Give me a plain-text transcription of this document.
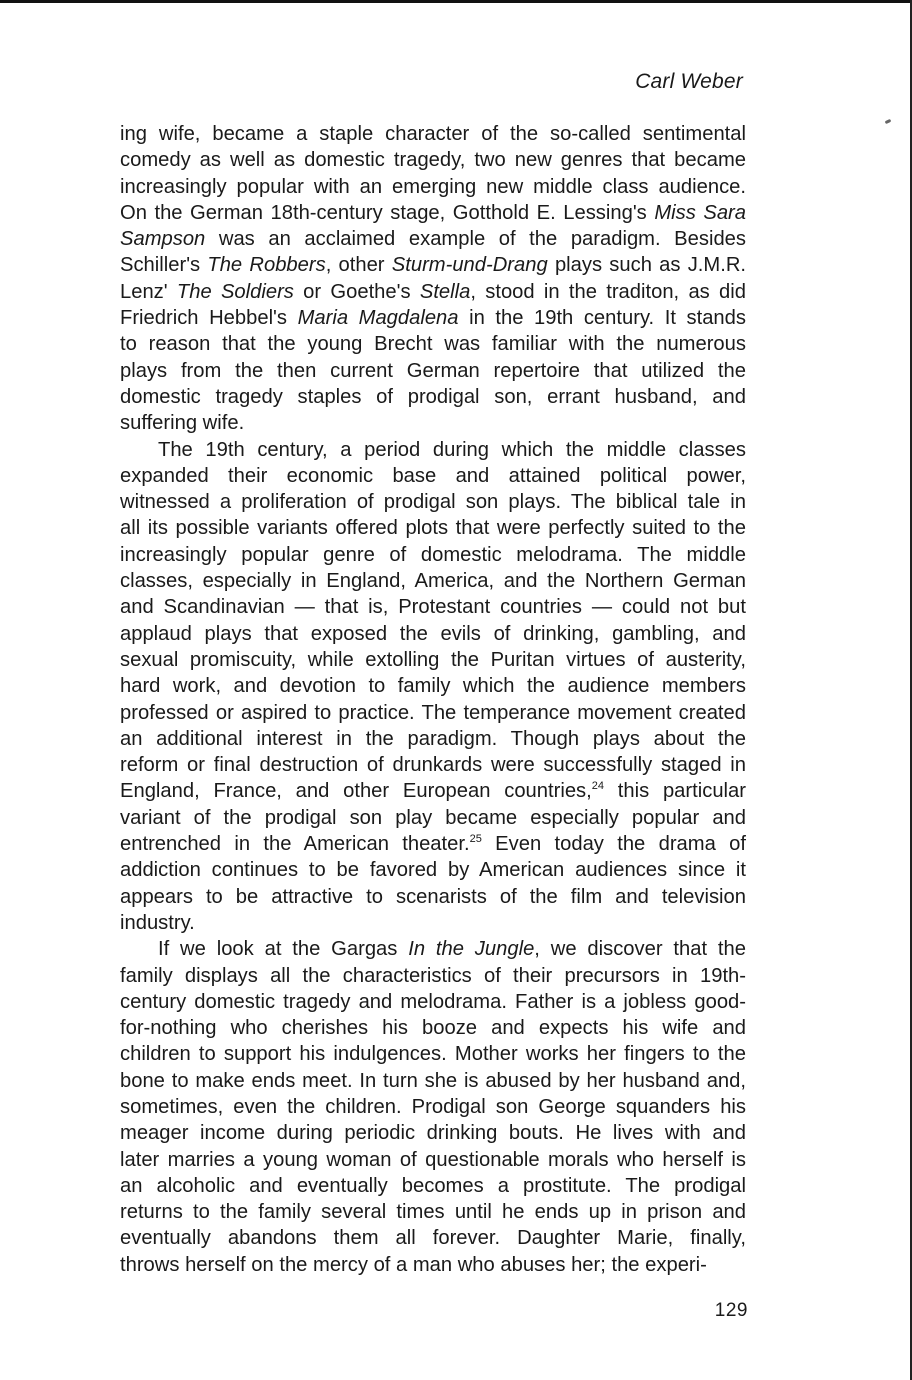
Carl Weber
ing wife, became a staple character of the so-called sentimental
comedy as well as domestic tragedy, two new genres that became
increasingly popular with an emerging new middle class audience.
On the German 18th-century stage, Gotthold E. Lessing's Miss Sara
Sampson was an acclaimed example of the paradigm. Besides
Schiller's The Robbers, other Sturm-und-Drang plays such as J.M.R.
Lenz' The Soldiers or Goethe's Stella, stood in the traditon, as did
Friedrich Hebbel's Maria Magdalena in the 19th century. It stands
to reason that the young Brecht was familiar with the numerous
plays from the then current German repertoire that utilized the
domestic tragedy staples of prodigal son, errant husband, and
suffering wife.
The 19th century, a period during which the middle classes
expanded their economic base and attained political power,
witnessed a proliferation of prodigal son plays. The biblical tale in
all its possible variants offered plots that were perfectly suited to the
increasingly popular genre of domestic melodrama. The middle
classes, especially in England, America, and the Northern German
and Scandinavian — that is, Protestant countries — could not but
applaud plays that exposed the evils of drinking, gambling, and
sexual promiscuity, while extolling the Puritan virtues of austerity,
hard work, and devotion to family which the audience members
professed or aspired to practice. The temperance movement created
an additional interest in the paradigm. Though plays about the
reform or final destruction of drunkards were successfully staged in
England, France, and other European countries,$^{24}$ this particular
variant of the prodigal son play became especially popular and
entrenched in the American theater.$^{25}$ Even today the drama of
addiction continues to be favored by American audiences since it
appears to be attractive to scenarists of the film and television
industry.
If we look at the Gargas In the Jungle, we discover that the
family displays all the characteristics of their precursors in 19th-
century domestic tragedy and melodrama. Father is a jobless good-
for-nothing who cherishes his booze and expects his wife and
children to support his indulgences. Mother works her fingers to the
bone to make ends meet. In turn she is abused by her husband and,
sometimes, even the children. Prodigal son George squanders his
meager income during periodic drinking bouts. He lives with and
later marries a young woman of questionable morals who herself is
an alcoholic and eventually becomes a prostitute. The prodigal
returns to the family several times until he ends up in prison and
eventually abandons them all forever. Daughter Marie, finally,
throws herself on the mercy of a man who abuses her; the experi-
129
